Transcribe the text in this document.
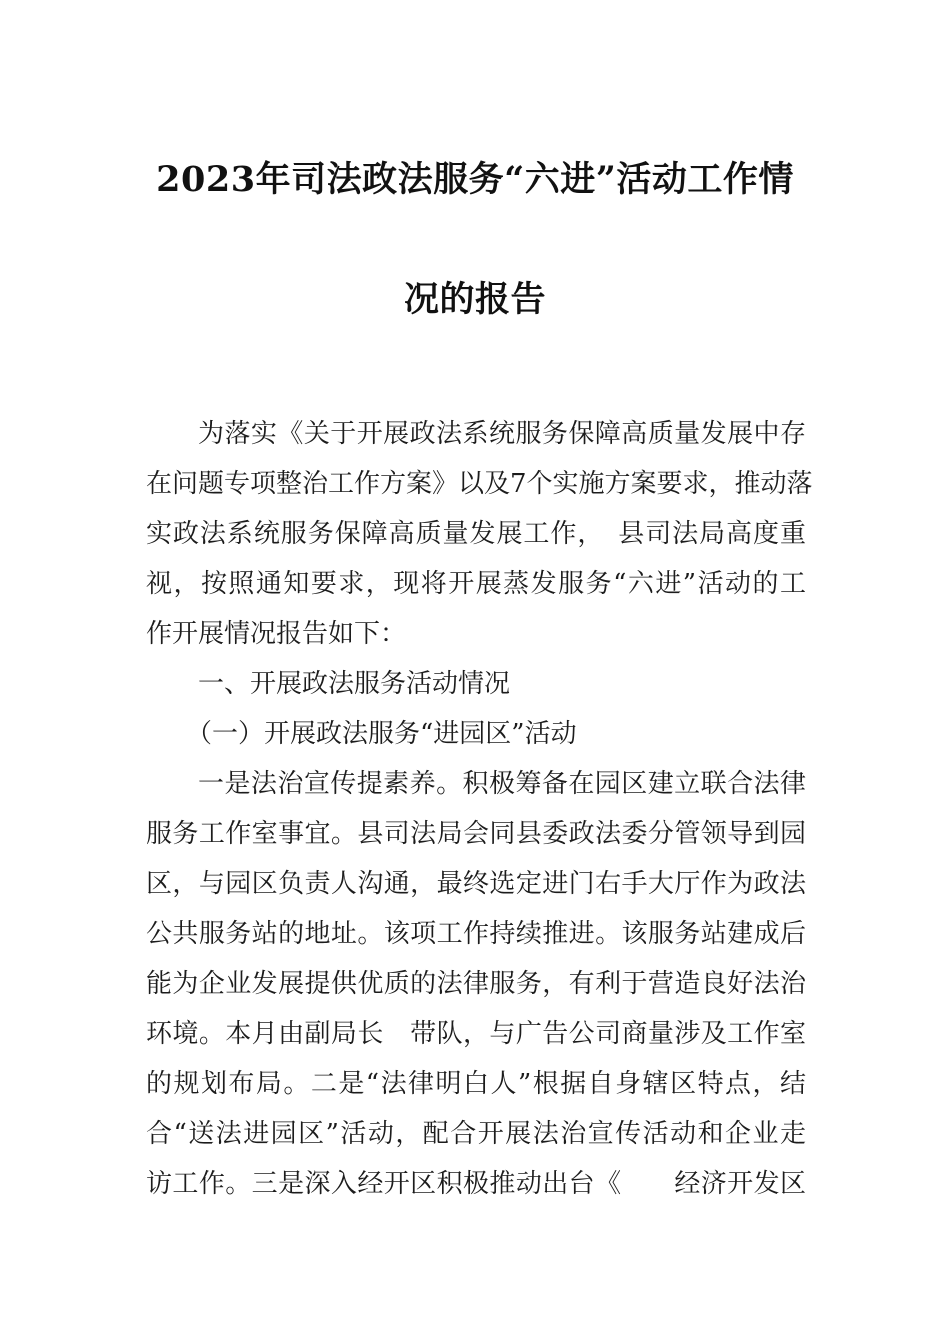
2023年司法政法服务“六进”活动工作情
况的报告
为落实《关于开展政法系统服务保障高质量发展中存
在问题专项整治工作方案》以及7个实施方案要求，推动落
实政法系统服务保障高质量发展工作，　县司法局高度重
视，按照通知要求，现将开展蒸发服务“六进”活动的工
作开展情况报告如下：
一、开展政法服务活动情况
（一）开展政法服务“进园区”活动
一是法治宣传提素养。积极筹备在园区建立联合法律
服务工作室事宜。县司法局会同县委政法委分管领导到园
区，与园区负责人沟通，最终选定进门右手大厅作为政法
公共服务站的地址。该项工作持续推进。该服务站建成后
能为企业发展提供优质的法律服务，有利于营造良好法治
环境。本月由副局长　带队，与广告公司商量涉及工作室
的规划布局。二是“法律明白人”根据自身辖区特点，结
合“送法进园区”活动，配合开展法治宣传活动和企业走
访工作。三是深入经开区积极推动出台《　　经济开发区
